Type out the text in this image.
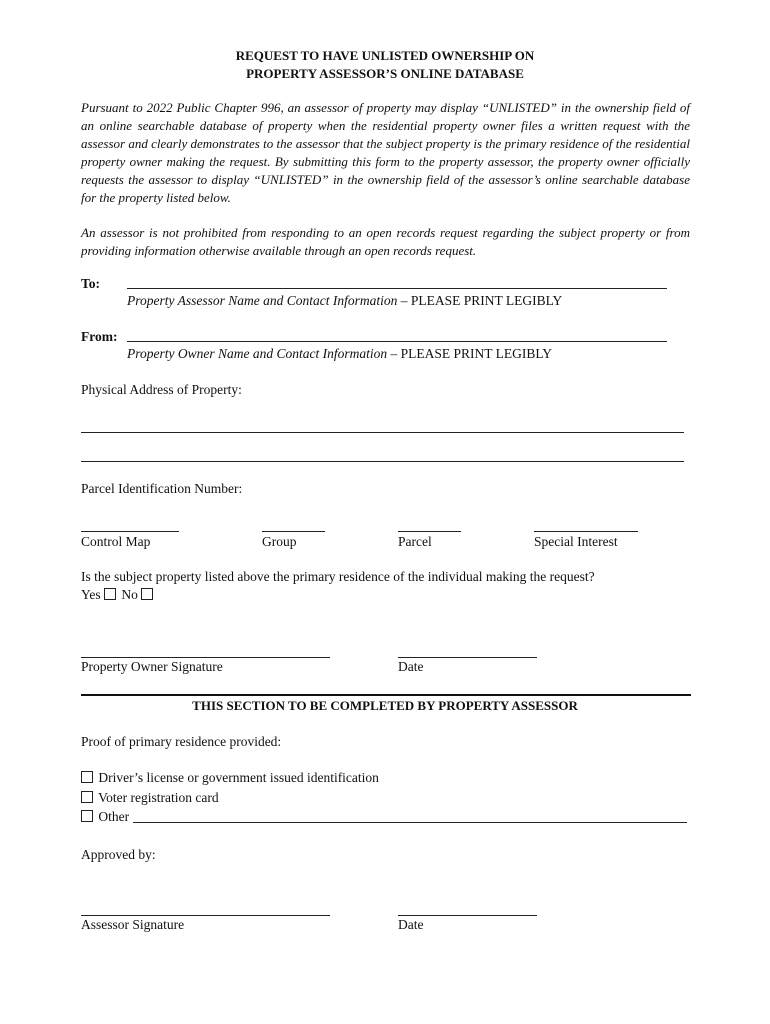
REQUEST TO HAVE UNLISTED OWNERSHIP ON
PROPERTY ASSESSOR’S ONLINE DATABASE
Pursuant to 2022 Public Chapter 996, an assessor of property may display “UNLISTED” in the ownership field of an online searchable database of property when the residential property owner files a written request with the assessor and clearly demonstrates to the assessor that the subject property is the primary residence of the residential property owner making the request. By submitting this form to the property assessor, the property owner officially requests the assessor to display “UNLISTED” in the ownership field of the assessor’s online searchable database for the property listed below.
An assessor is not prohibited from responding to an open records request regarding the subject property or from providing information otherwise available through an open records request.
To:
Property Assessor Name and Contact Information – PLEASE PRINT LEGIBLY
From:
Property Owner Name and Contact Information – PLEASE PRINT LEGIBLY
Physical Address of Property:
Parcel Identification Number:
Control Map	Group	Parcel	Special Interest
Is the subject property listed above the primary residence of the individual making the request?
Yes No
Property Owner Signature	Date
THIS SECTION TO BE COMPLETED BY PROPERTY ASSESSOR
Proof of primary residence provided:
Driver’s license or government issued identification
Voter registration card
Other
Approved by:
Assessor Signature	Date
